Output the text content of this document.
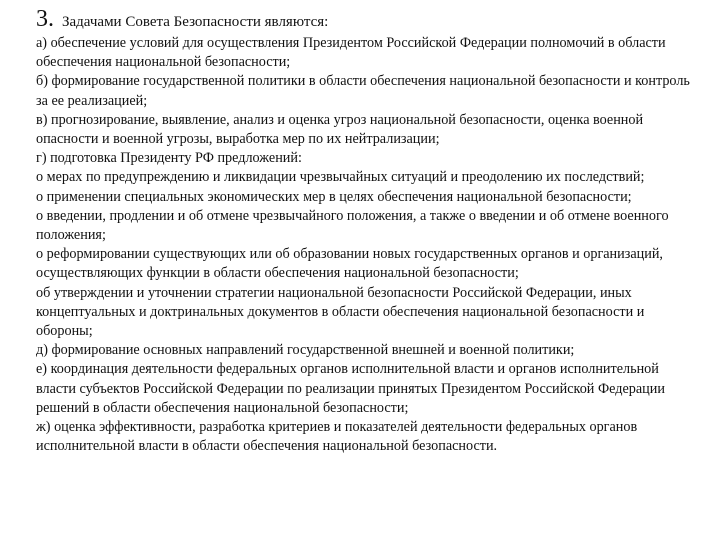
3. Задачами Совета Безопасности являются:

а) обеспечение условий для осуществления Президентом Российской Федерации полномочий в области обеспечения национальной безопасности;

б) формирование государственной политики в области обеспечения национальной безопасности и контроль за ее реализацией;

в) прогнозирование, выявление, анализ и оценка угроз национальной безопасности, оценка военной опасности и военной угрозы, выработка мер по их нейтрализации;

г) подготовка Президенту РФ предложений:

о мерах по предупреждению и ликвидации чрезвычайных ситуаций и преодолению их последствий;

о применении специальных экономических мер в целях обеспечения национальной безопасности;

о введении, продлении и об отмене чрезвычайного положения, а также о введении и об отмене военного положения;

о реформировании существующих или об образовании новых государственных органов и организаций, осуществляющих функции в области обеспечения национальной безопасности;

об утверждении и уточнении стратегии национальной безопасности Российской Федерации, иных концептуальных и доктринальных документов в области обеспечения национальной безопасности и обороны;

д) формирование основных направлений государственной внешней и военной политики;

е) координация деятельности федеральных органов исполнительной власти и органов исполнительной власти субъектов Российской Федерации по реализации принятых Президентом Российской Федерации решений в области обеспечения национальной безопасности;

ж) оценка эффективности, разработка критериев и показателей деятельности федеральных органов исполнительной власти в области обеспечения национальной безопасности.
